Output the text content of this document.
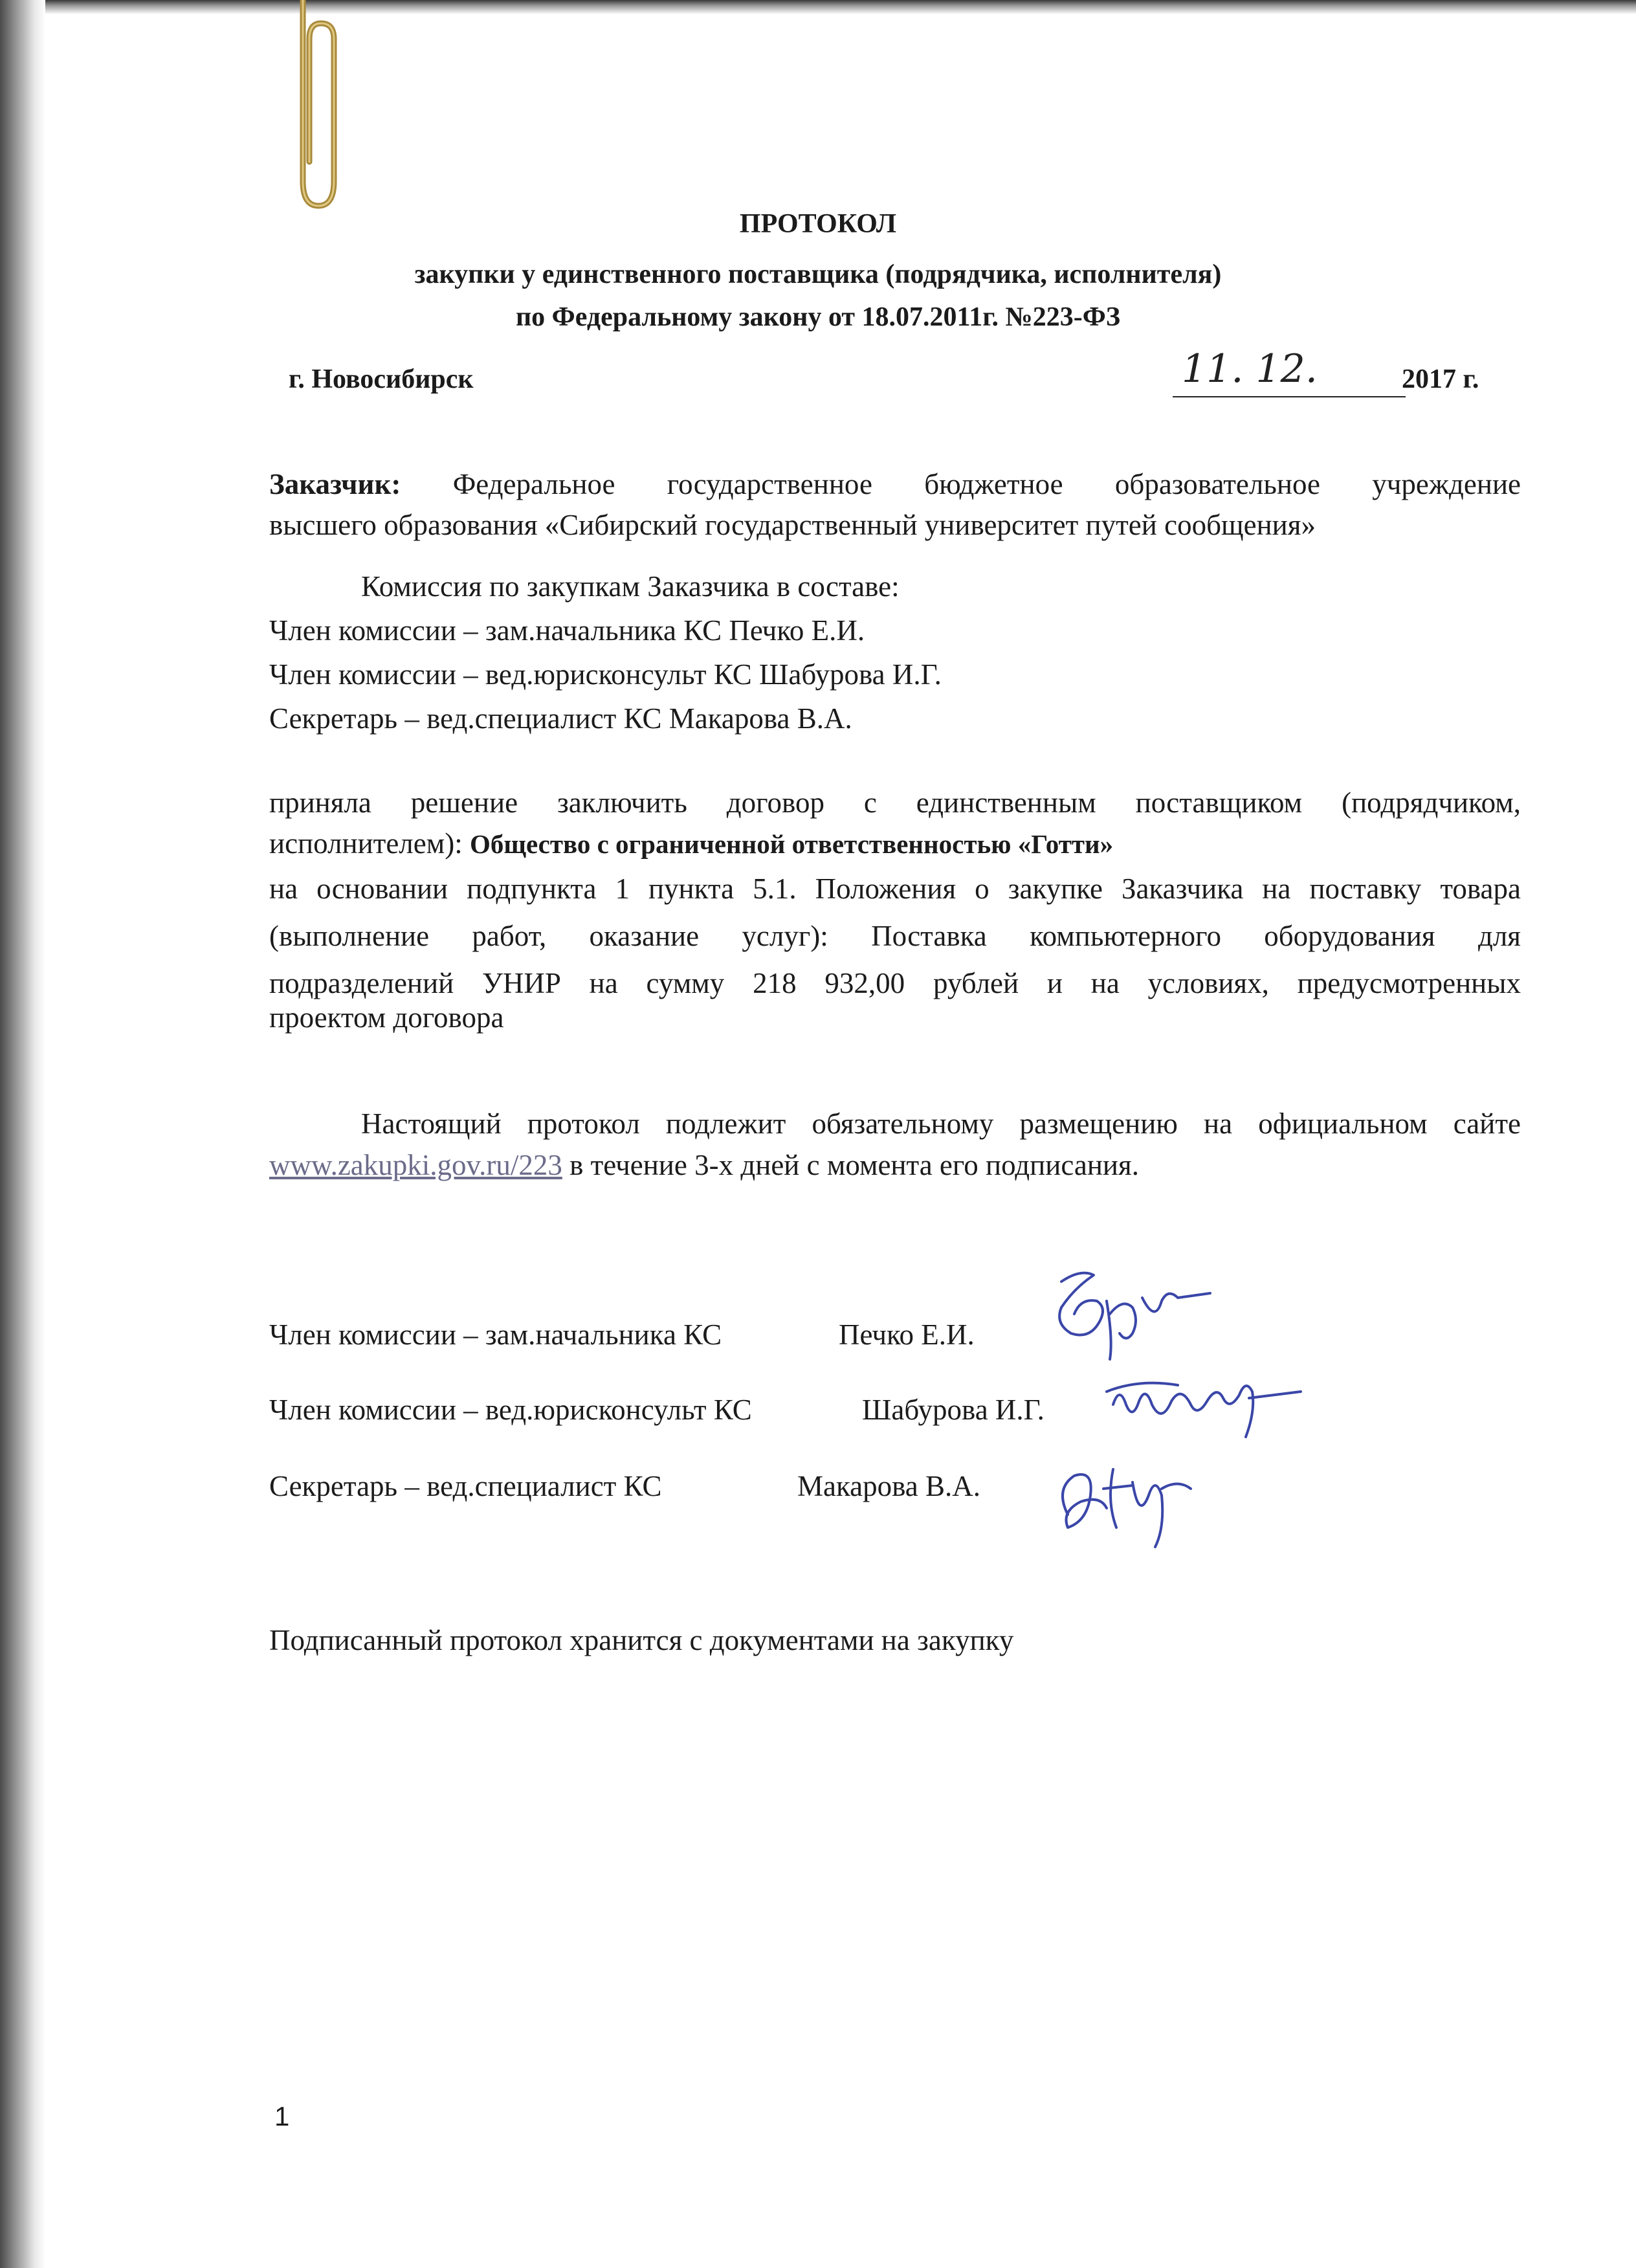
ПРОТОКОЛ
закупки у единственного поставщика (подрядчика, исполнителя)
по Федеральному закону от 18.07.2011г. №223-ФЗ
г. Новосибирск	11. 12.	2017 г.
Заказчик: Федеральное государственное бюджетное образовательное учреждение
высшего образования «Сибирский государственный университет путей сообщения»
Комиссия по закупкам Заказчика в составе:
Член комиссии – зам.начальника КС Печко Е.И.
Член комиссии – вед.юрисконсульт КС Шабурова И.Г.
Секретарь – вед.специалист КС Макарова В.А.
приняла решение заключить договор с единственным поставщиком (подрядчиком,
исполнителем): Общество с ограниченной ответственностью «Готти»
на основании подпункта 1 пункта 5.1. Положения о закупке Заказчика на поставку товара
(выполнение работ, оказание услуг): Поставка компьютерного оборудования для
подразделений УНИР на сумму 218 932,00 рублей и на условиях, предусмотренных
проектом договора
Настоящий протокол подлежит обязательному размещению на официальном сайте
www.zakupki.gov.ru/223 в течение 3-х дней с момента его подписания.
Член комиссии – зам.начальника КС	Печко Е.И.
Член комиссии – вед.юрисконсульт КС	Шабурова И.Г.
Секретарь – вед.специалист КС	Макарова В.А.
Подписанный протокол хранится с документами на закупку
1
